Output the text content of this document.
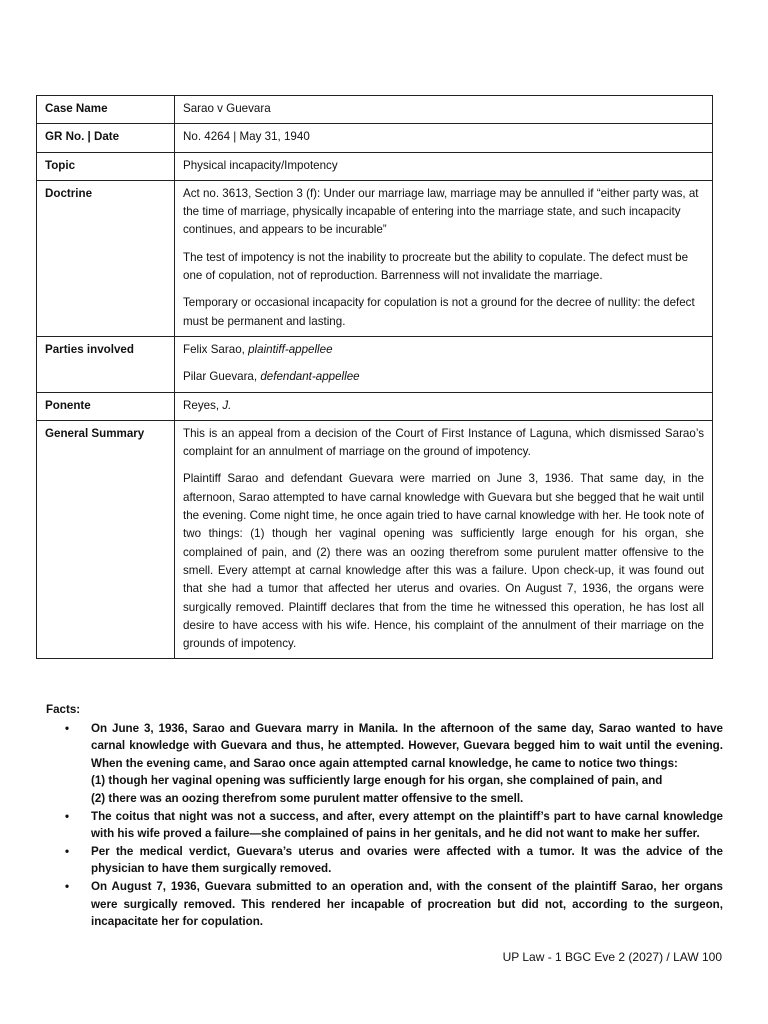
Case Name	Sarao v Guevara
GR No. | Date	No. 4264 | May 31, 1940
Topic	Physical incapacity/Impotency
Doctrine	Act no. 3613, Section 3 (f): Under our marriage law, marriage may be annulled if “either party was, at the time of marriage, physically incapable of entering into the marriage state, and such incapacity continues, and appears to be incurable”

The test of impotency is not the inability to procreate but the ability to copulate. The defect must be one of copulation, not of reproduction. Barrenness will not invalidate the marriage.

Temporary or occasional incapacity for copulation is not a ground for the decree of nullity: the defect must be permanent and lasting.

Parties involved	Felix Sarao, plaintiff-appellee

Pilar Guevara, defendant-appellee

Ponente	Reyes, J.
General Summary	This is an appeal from a decision of the Court of First Instance of Laguna, which dismissed Sarao’s complaint for an annulment of marriage on the ground of impotency.

Plaintiff Sarao and defendant Guevara were married on June 3, 1936. That same day, in the afternoon, Sarao attempted to have carnal knowledge with Guevara but she begged that he wait until the evening. Come night time, he once again tried to have carnal knowledge with her. He took note of two things: (1) though her vaginal opening was sufficiently large enough for his organ, she complained of pain, and (2) there was an oozing therefrom some purulent matter offensive to the smell. Every attempt at carnal knowledge after this was a failure. Upon check-up, it was found out that she had a tumor that affected her uterus and ovaries. On August 7, 1936, the organs were surgically removed. Plaintiff declares that from the time he witnessed this operation, he has lost all desire to have access with his wife. Hence, his complaint of the annulment of their marriage on the grounds of impotency.

Facts:
• On June 3, 1936, Sarao and Guevara marry in Manila. In the afternoon of the same day, Sarao wanted to have carnal knowledge with Guevara and thus, he attempted. However, Guevara begged him to wait until the evening. When the evening came, and Sarao once again attempted carnal knowledge, he came to notice two things:
(1) though her vaginal opening was sufficiently large enough for his organ, she complained of pain, and
(2) there was an oozing therefrom some purulent matter offensive to the smell.
• The coitus that night was not a success, and after, every attempt on the plaintiff’s part to have carnal knowledge with his wife proved a failure—she complained of pains in her genitals, and he did not want to make her suffer.
• Per the medical verdict, Guevara’s uterus and ovaries were affected with a tumor. It was the advice of the physician to have them surgically removed.
• On August 7, 1936, Guevara submitted to an operation and, with the consent of the plaintiff Sarao, her organs were surgically removed. This rendered her incapable of procreation but did not, according to the surgeon, incapacitate her for copulation.
UP Law - 1 BGC Eve 2 (2027) / LAW 100
